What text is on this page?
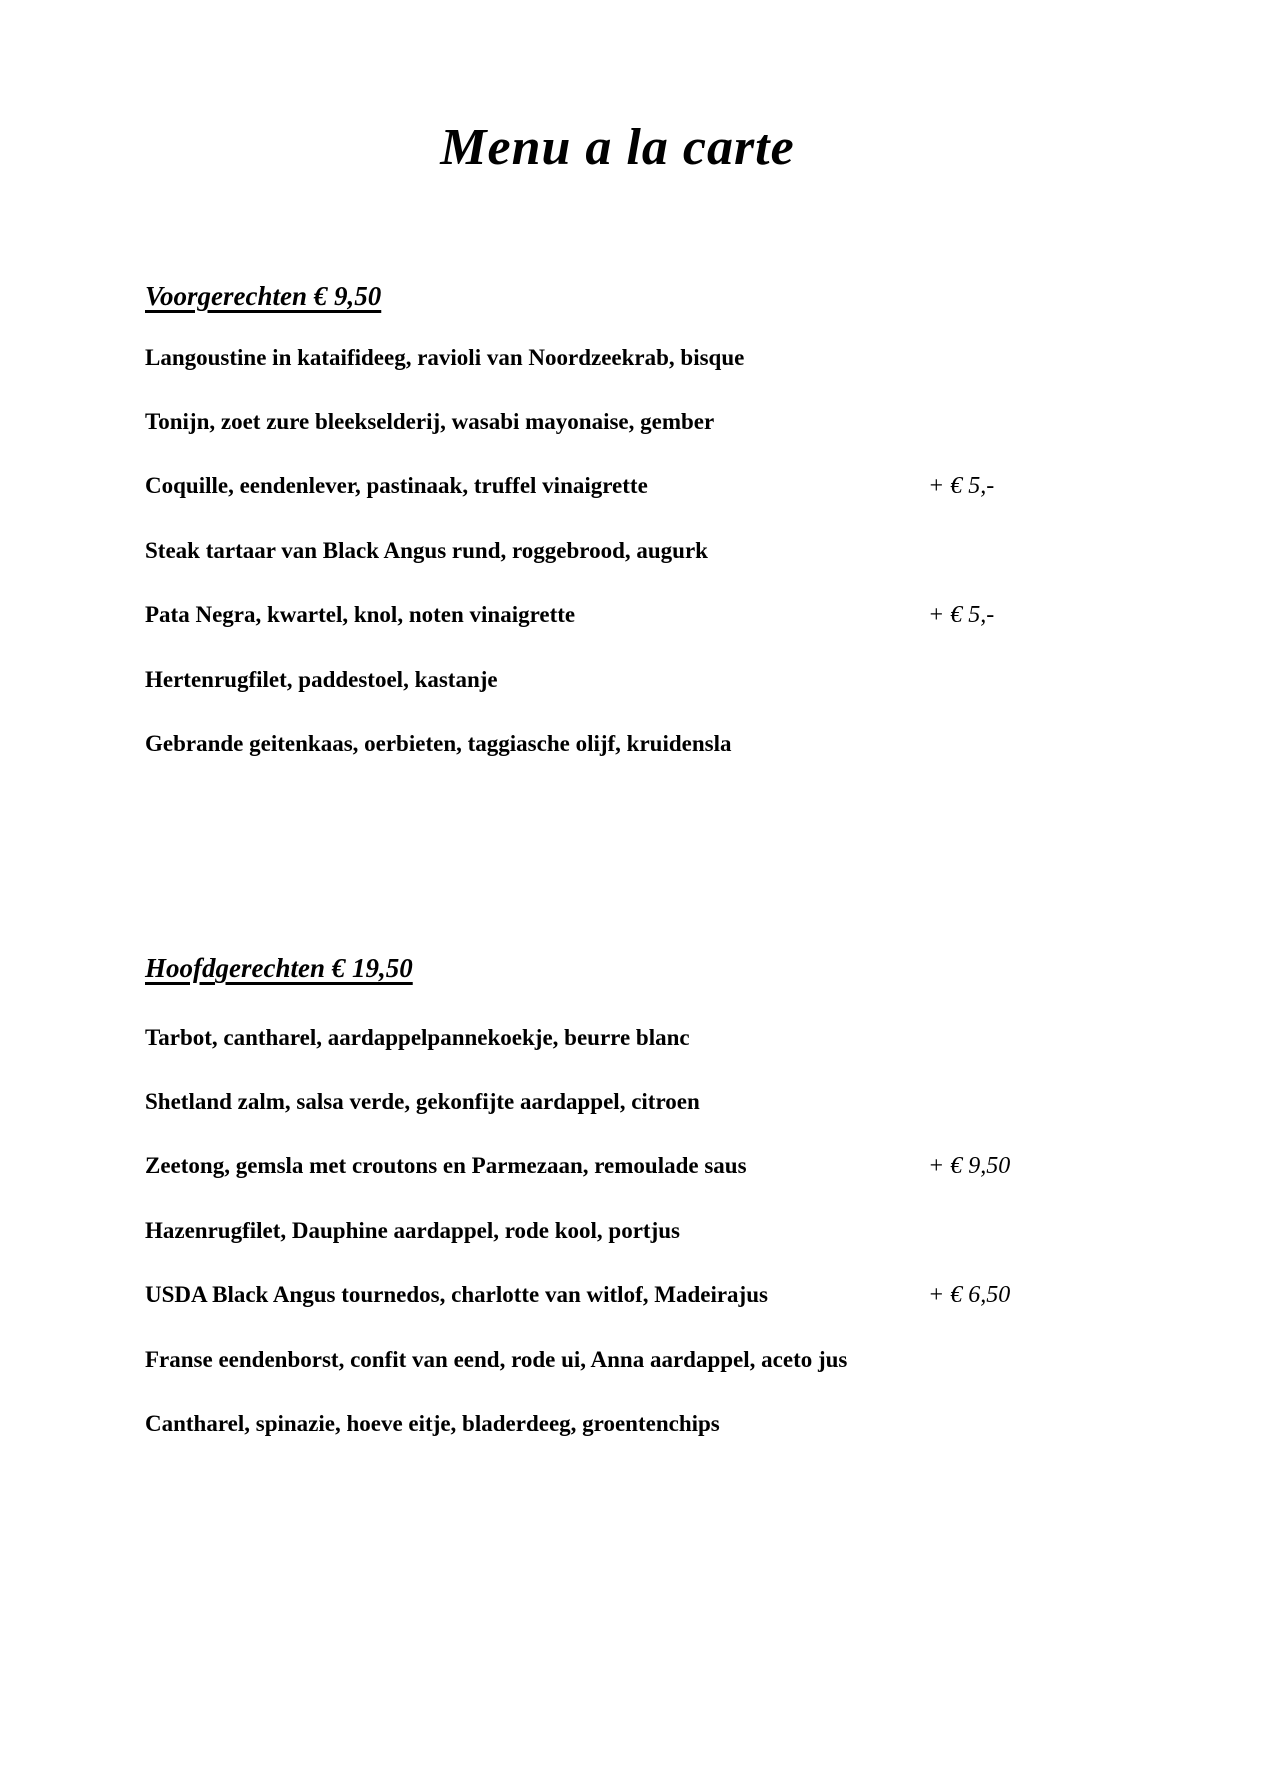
Menu a la carte
Voorgerechten € 9,50
Langoustine in kataifideeg, ravioli van Noordzeekrab, bisque
Tonijn, zoet zure bleekselderij, wasabi mayonaise, gember
Coquille, eendenlever, pastinaak, truffel vinaigrette	+ € 5,-
Steak tartaar van Black Angus rund, roggebrood, augurk
Pata Negra, kwartel, knol, noten vinaigrette	+ € 5,-
Hertenrugfilet, paddestoel, kastanje
Gebrande geitenkaas, oerbieten, taggiasche olijf, kruidensla
Hoofdgerechten € 19,50
Tarbot, cantharel, aardappelpannekoekje, beurre blanc
Shetland zalm, salsa verde, gekonfijte aardappel, citroen
Zeetong, gemsla met croutons en Parmezaan, remoulade saus	+ € 9,50
Hazenrugfilet, Dauphine aardappel, rode kool, portjus
USDA Black Angus tournedos, charlotte van witlof, Madeirajus	+ € 6,50
Franse eendenborst, confit van eend, rode ui, Anna aardappel, aceto jus
Cantharel, spinazie, hoeve eitje, bladerdeeg, groentenchips
